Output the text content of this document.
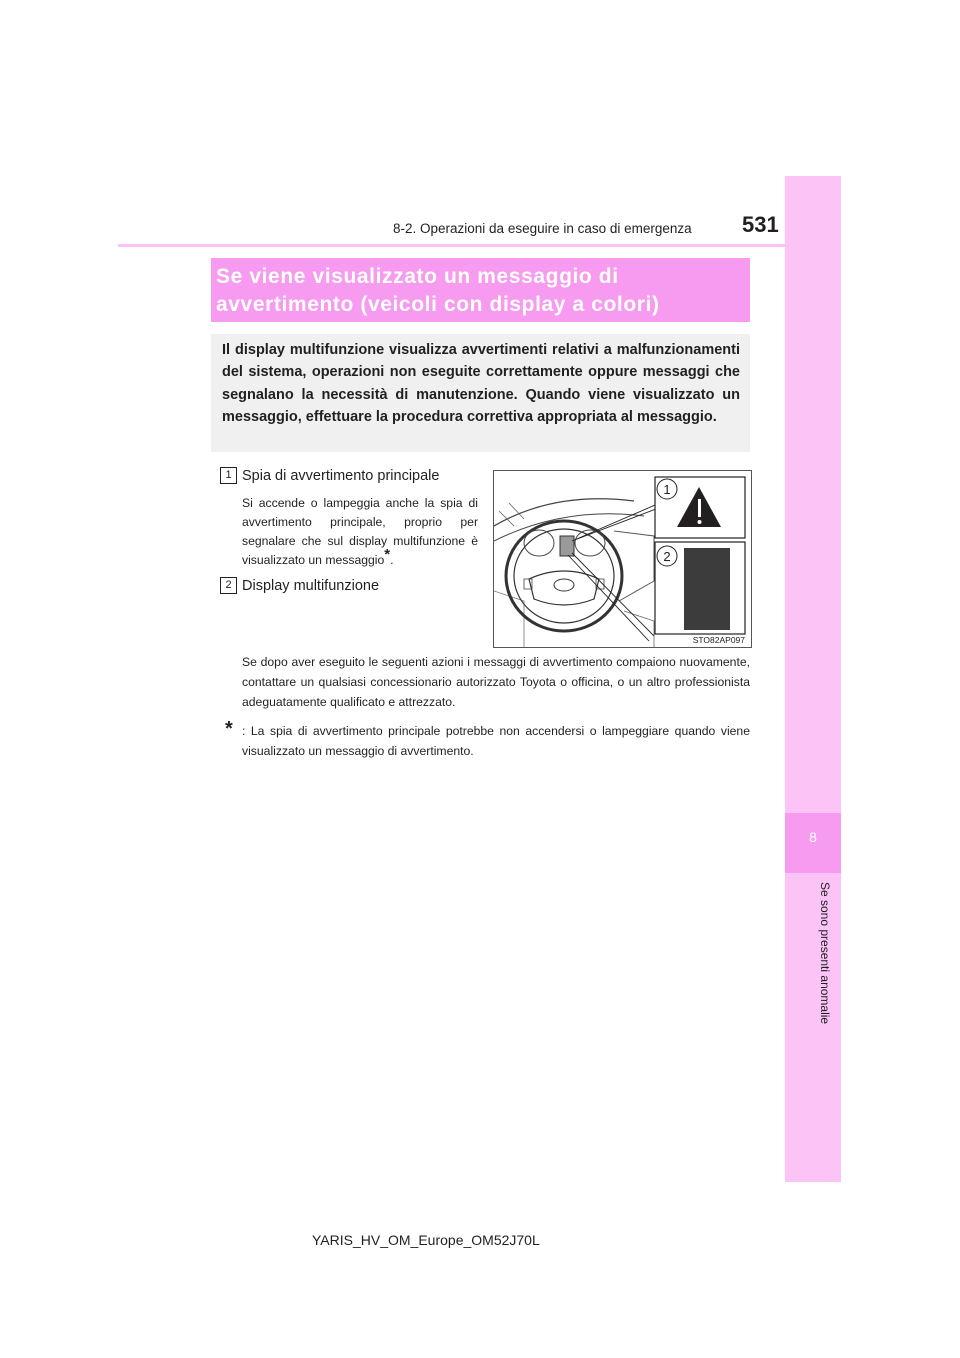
8
Se sono presenti anomalie
8-2. Operazioni da eseguire in caso di emergenza 531
Se viene visualizzato un messaggio di avvertimento (veicoli con display a colori)
Il display multifunzione visualizza avvertimenti relativi a malfunzionamenti del sistema, operazioni non eseguite correttamente oppure messaggi che segnalano la necessità di manutenzione. Quando viene visualizzato un messaggio, effettuare la procedura correttiva appropriata al messaggio.
1 Spia di avvertimento principale
Si accende o lampeggia anche la spia di avvertimento principale, proprio per segnalare che sul display multifunzione è visualizzato un messaggio*.
2 Display multifunzione
1
2
STO82AP097
Se dopo aver eseguito le seguenti azioni i messaggi di avvertimento compaiono nuovamente, contattare un qualsiasi concessionario autorizzato Toyota o officina, o un altro professionista adeguatamente qualificato e attrezzato.
* : La spia di avvertimento principale potrebbe non accendersi o lampeggiare quando viene visualizzato un messaggio di avvertimento.
YARIS_HV_OM_Europe_OM52J70L
